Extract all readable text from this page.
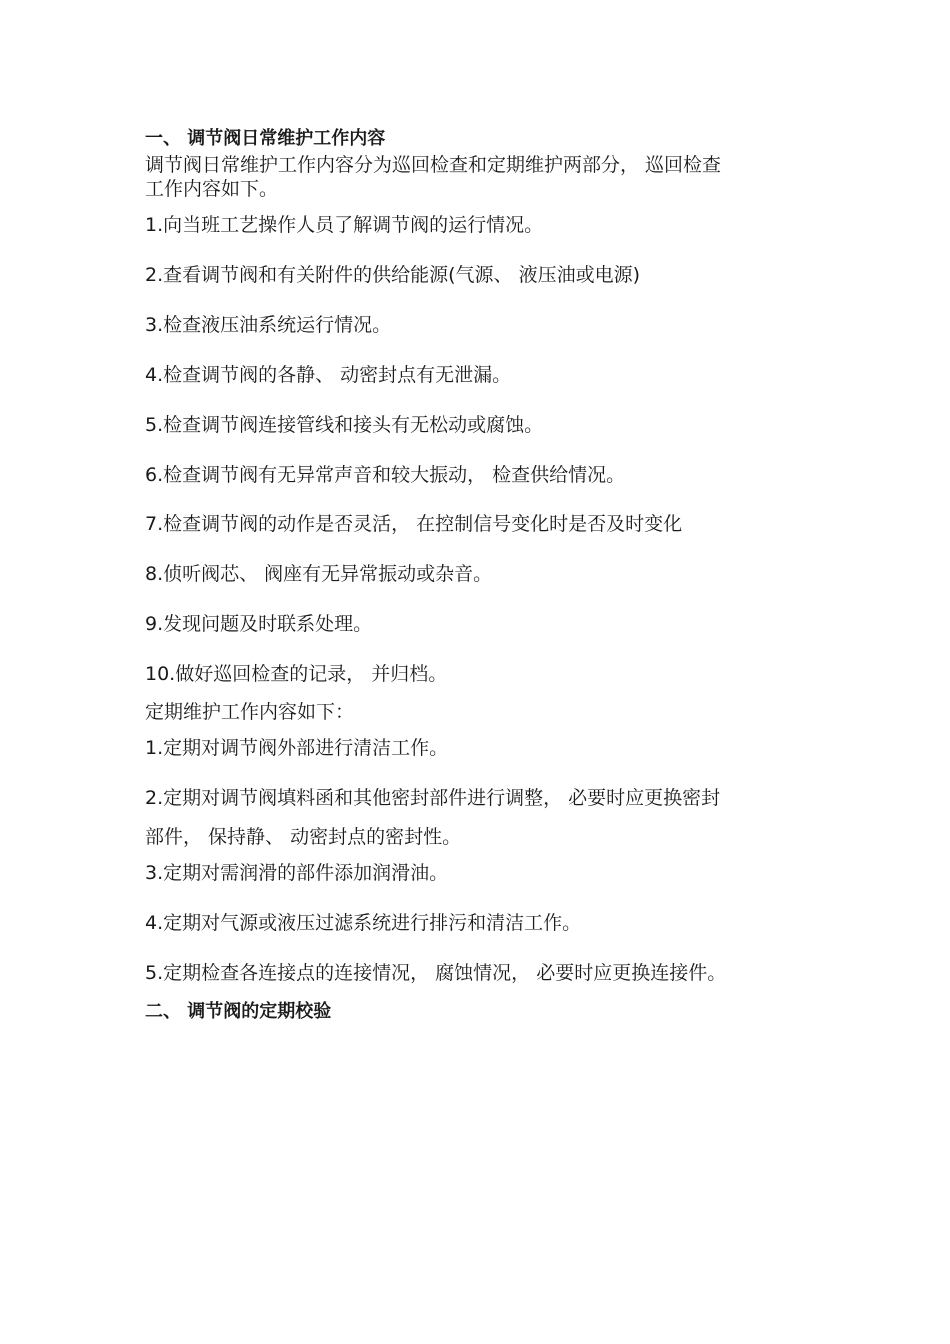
一、 调节阀日常维护工作内容
调节阀日常维护工作内容分为巡回检查和定期维护两部分， 巡回检查
工作内容如下。
1.向当班工艺操作人员了解调节阀的运行情况。
2.查看调节阀和有关附件的供给能源(气源、 液压油或电源)
3.检查液压油系统运行情况。
4.检查调节阀的各静、 动密封点有无泄漏。
5.检查调节阀连接管线和接头有无松动或腐蚀。
6.检查调节阀有无异常声音和较大振动， 检查供给情况。
7.检查调节阀的动作是否灵活， 在控制信号变化时是否及时变化
8.侦听阀芯、 阀座有无异常振动或杂音。
9.发现问题及时联系处理。
10.做好巡回检查的记录， 并归档。
定期维护工作内容如下：
1.定期对调节阀外部进行清洁工作。
2.定期对调节阀填料函和其他密封部件进行调整， 必要时应更换密封
部件， 保持静、 动密封点的密封性。
3.定期对需润滑的部件添加润滑油。
4.定期对气源或液压过滤系统进行排污和清洁工作。
5.定期检查各连接点的连接情况， 腐蚀情况， 必要时应更换连接件。
二、 调节阀的定期校验
